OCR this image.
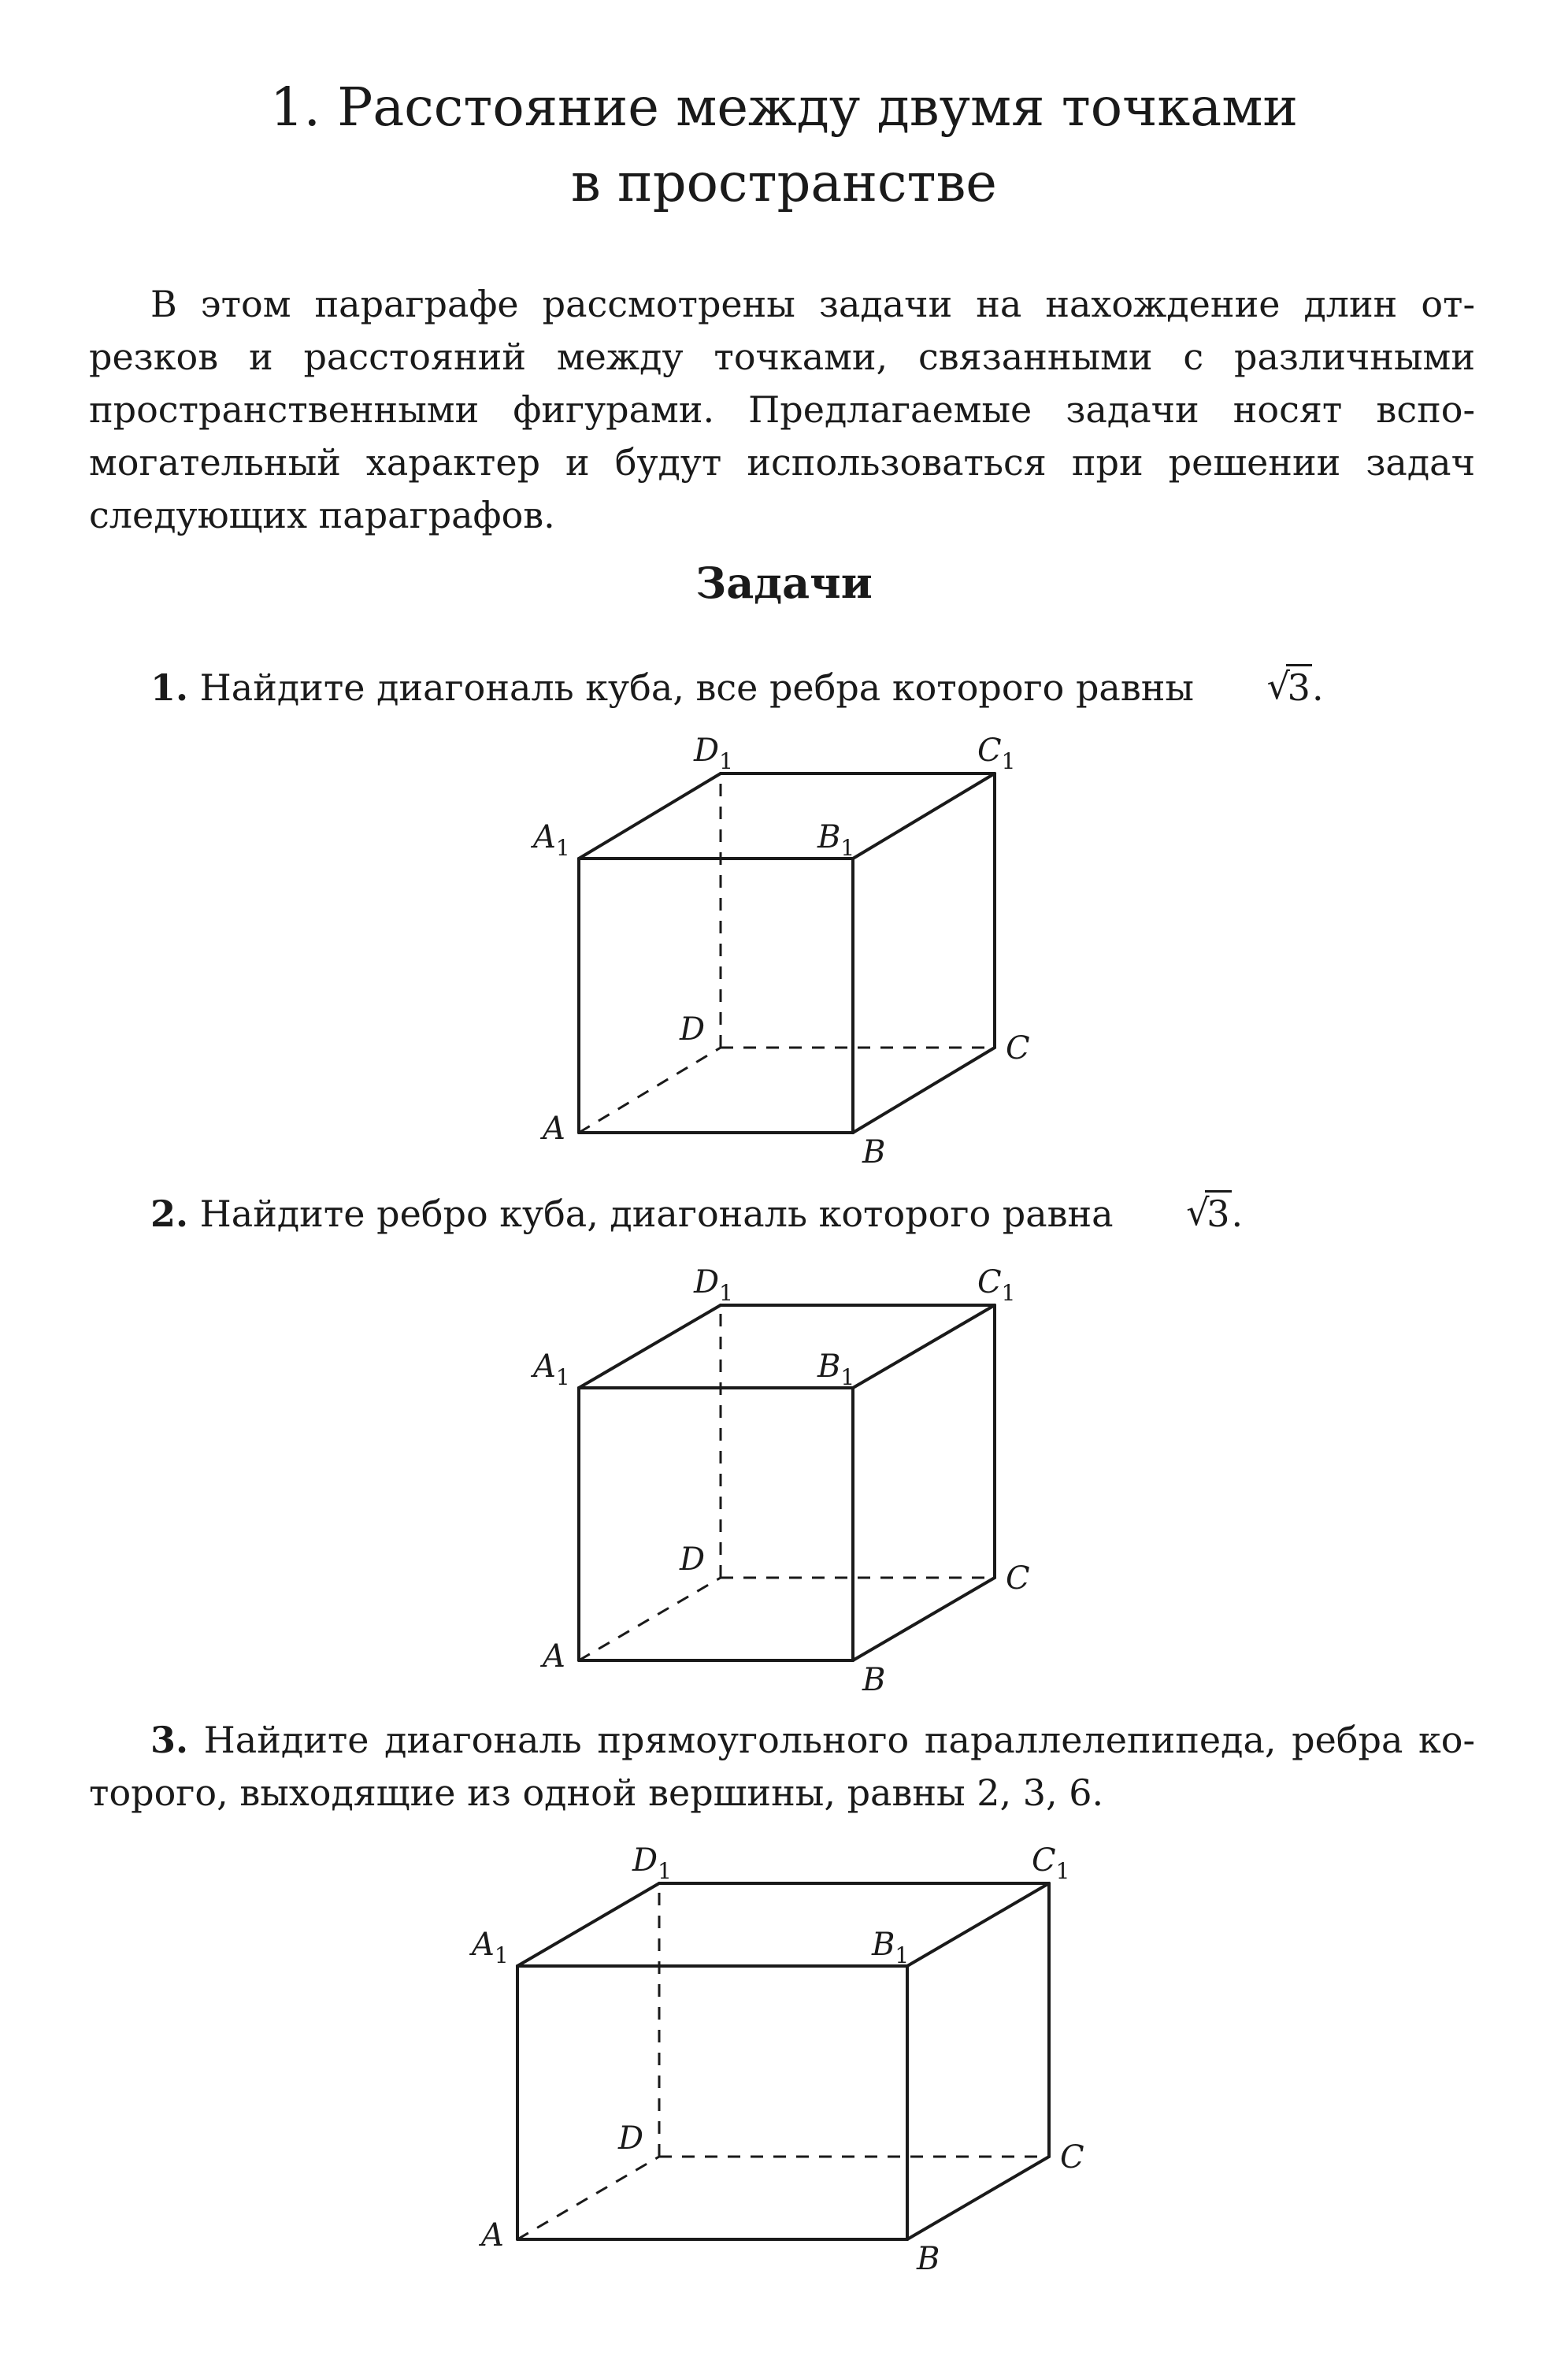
1. Расстояние между двумя точками
в пространстве
В этом параграфе рассмотрены задачи на нахождение длин от-
резков и расстояний между точками, связанными с различными
пространственными фигурами. Предлагаемые задачи носят вспо-
могательный характер и будут использоваться при решении задач
следующих параграфов.
Задачи
1. Найдите диагональ куба, все ребра которого равны √ 3.
2. Найдите ребро куба, диагональ которого равна √ 3.
3. Найдите диагональ прямоугольного параллелепипеда, ребра ко-
торого, выходящие из одной вершины, равны 2, 3, 6.
A
B
C
D
$A_1$	$B_1$
$C_1$
$D_1$
A
B
C
D
$A_1$	$B_1$
$C_1$
$D_1$
A
B
C
D
$A_1$	$B_1$
$C_1$
$D_1$
